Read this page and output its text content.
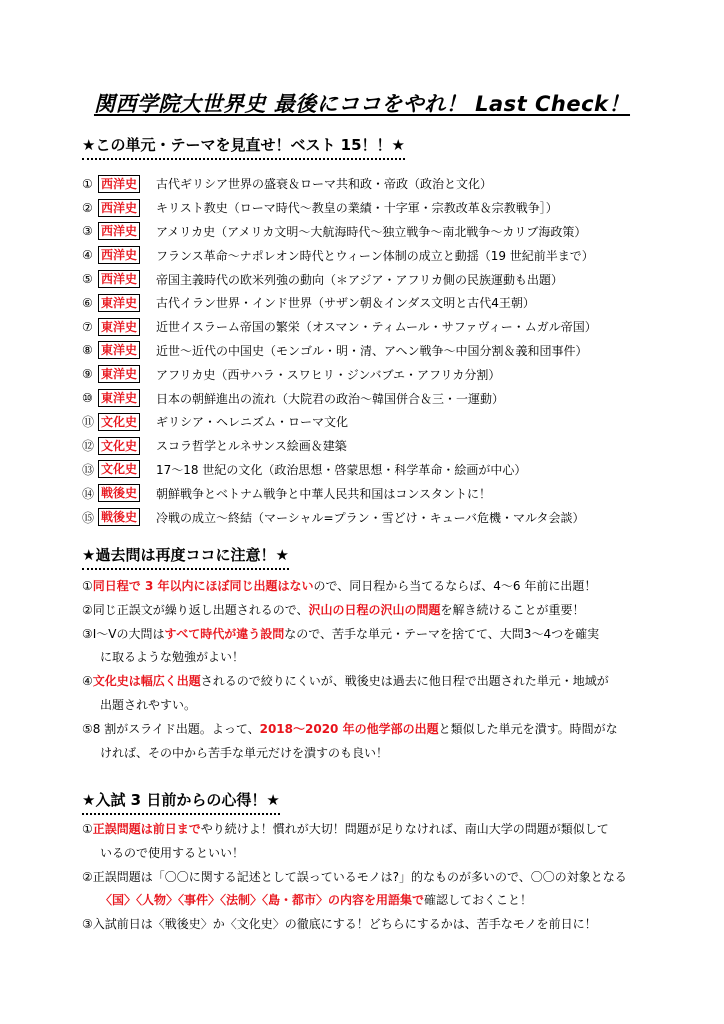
関西学院大世界史 最後にココをやれ！ Last Check！
★この単元・テーマを見直せ！ベスト 15！！★
① 西洋史 古代ギリシア世界の盛衰＆ローマ共和政・帝政（政治と文化）
② 西洋史 キリスト教史（ローマ時代～教皇の業績・十字軍・宗教改革＆宗教戦争］）
③ 西洋史 アメリカ史（アメリカ文明～大航海時代～独立戦争～南北戦争～カリブ海政策）
④ 西洋史 フランス革命～ナポレオン時代とウィーン体制の成立と動揺（19 世紀前半まで）
⑤ 西洋史 帝国主義時代の欧米列強の動向（＊アジア・アフリカ側の民族運動も出題）
⑥ 東洋史 古代イラン世界・インド世界（サザン朝＆インダス文明と古代4王朝）
⑦ 東洋史 近世イスラーム帝国の繁栄（オスマン・ティムール・サファヴィー・ムガル帝国）
⑧ 東洋史 近世～近代の中国史（モンゴル・明・清、アヘン戦争～中国分割＆義和団事件）
⑨ 東洋史 アフリカ史（西サハラ・スワヒリ・ジンバブエ・アフリカ分割）
⑩ 東洋史 日本の朝鮮進出の流れ（大院君の政治～韓国併合＆三・一運動）
⑪ 文化史 ギリシア・ヘレニズム・ローマ文化
⑫ 文化史 スコラ哲学とルネサンス絵画＆建築
⑬ 文化史 17～18 世紀の文化（政治思想・啓蒙思想・科学革命・絵画が中心）
⑭ 戦後史 朝鮮戦争とベトナム戦争と中華人民共和国はコンスタントに！
⑮ 戦後史 冷戦の成立～終結（マーシャル=プラン・雪どけ・キューバ危機・マルタ会談）
★過去問は再度ココに注意！★

①同日程で 3 年以内にほぼ同じ出題はないので、同日程から当てるならば、4～6 年前に出題！

②同じ正誤文が繰り返し出題されるので、沢山の日程の沢山の問題を解き続けることが重要！

③Ⅰ～Ⅴの大問はすべて時代が違う設問なので、苦手な単元・テーマを捨てて、大問3～4つを確実

に取るような勉強がよい！

④文化史は幅広く出題されるので絞りにくいが、戦後史は過去に他日程で出題された単元・地域が

出題されやすい。

⑤8 割がスライド出題。よって、2018～2020 年の他学部の出題と類似した単元を潰す。時間がな

ければ、その中から苦手な単元だけを潰すのも良い！

★入試 3 日前からの心得！★

①正誤問題は前日までやり続けよ！慣れが大切！問題が足りなければ、南山大学の問題が類似して

いるので使用するといい！

②正誤問題は「〇〇に関する記述として誤っているモノは?」的なものが多いので、〇〇の対象となる

〈国〉〈人物〉〈事件〉〈法制〉〈島・都市〉の内容を用語集で確認しておくこと！

③入試前日は〈戦後史〉か〈文化史〉の徹底にする！どちらにするかは、苦手なモノを前日に！
